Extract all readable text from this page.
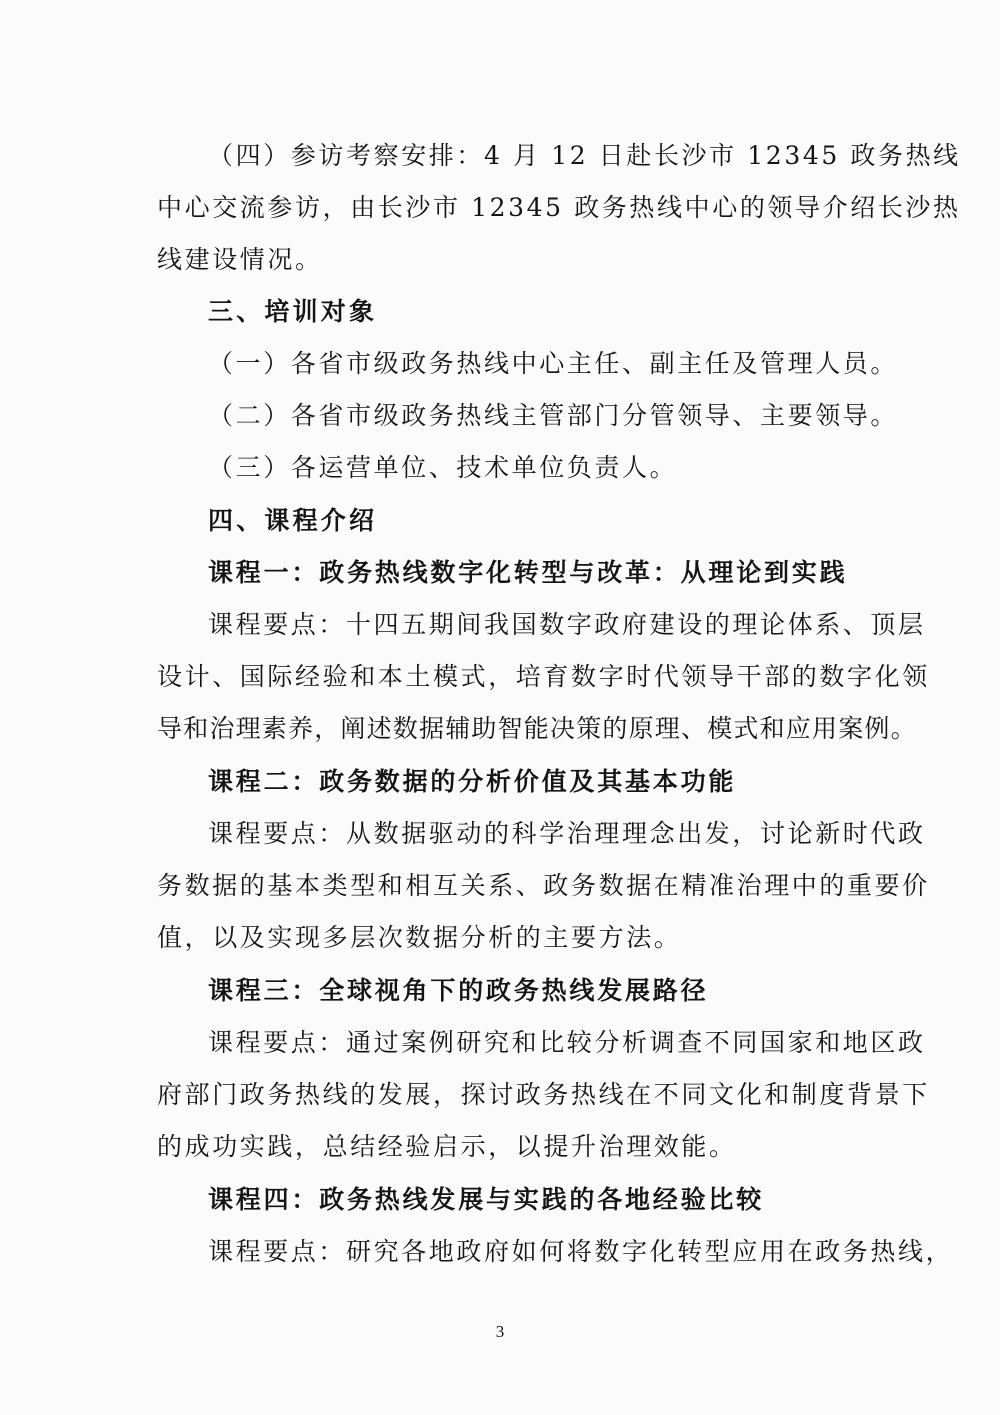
（四）参访考察安排：4 月 12 日赴长沙市 12345 政务热线
中心交流参访，由长沙市 12345 政务热线中心的领导介绍长沙热
线建设情况。
三、培训对象
（一）各省市级政务热线中心主任、副主任及管理人员。
（二）各省市级政务热线主管部门分管领导、主要领导。
（三）各运营单位、技术单位负责人。
四、课程介绍
课程一：政务热线数字化转型与改革：从理论到实践
课程要点：十四五期间我国数字政府建设的理论体系、顶层
设计、国际经验和本土模式，培育数字时代领导干部的数字化领
导和治理素养，阐述数据辅助智能决策的原理、模式和应用案例。
课程二：政务数据的分析价值及其基本功能
课程要点：从数据驱动的科学治理理念出发，讨论新时代政
务数据的基本类型和相互关系、政务数据在精准治理中的重要价
值，以及实现多层次数据分析的主要方法。
课程三：全球视角下的政务热线发展路径
课程要点：通过案例研究和比较分析调查不同国家和地区政
府部门政务热线的发展，探讨政务热线在不同文化和制度背景下
的成功实践，总结经验启示，以提升治理效能。
课程四：政务热线发展与实践的各地经验比较
课程要点：研究各地政府如何将数字化转型应用在政务热线，
3
